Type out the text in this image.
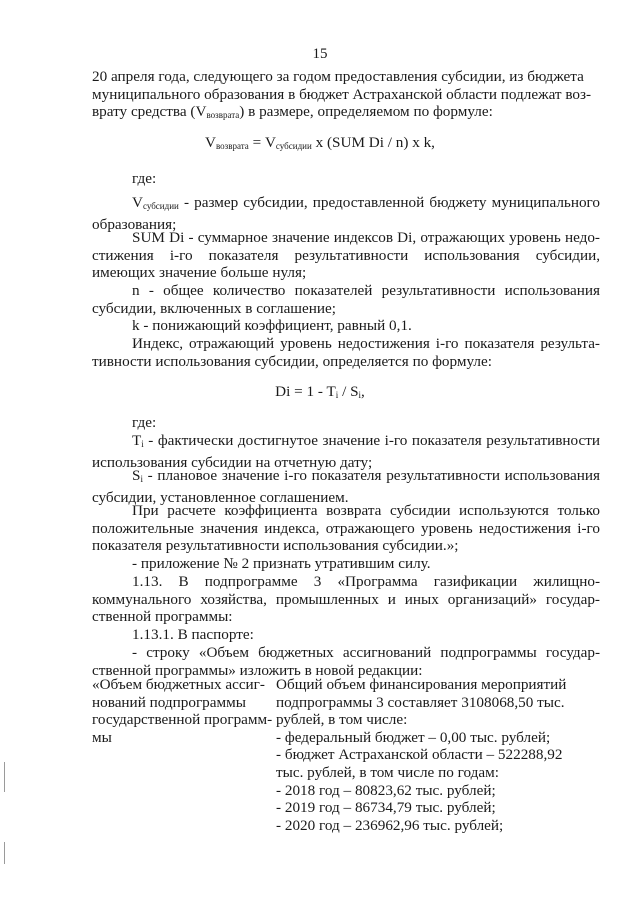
15
20 апреля года, следующего за годом предоставления субсидии, из бюджета
муниципального образования в бюджет Астраханской области подлежат воз-
врату средства $(V_{возврата})$ в размере, определяемом по формуле:
$V_{возврата} = V_{субсидии}$ x (SUM Di / n) x k,
где:
$V_{субсидии}$ - размер субсидии, предоставленной бюджету муниципального образования;
SUM Di - суммарное значение индексов Di, отражающих уровень недо-стижения i-го показателя результативности использования субсидии, имеющих значение больше нуля;
n - общее количество показателей результативности использования субсидии, включенных в соглашение;
k - понижающий коэффициент, равный 0,1.
Индекс, отражающий уровень недостижения i-го показателя результа-тивности использования субсидии, определяется по формуле:
$Di = 1 - T_i / S_i$,
где:
$T_i$ - фактически достигнутое значение i-го показателя результативности использования субсидии на отчетную дату;
$S_i$ - плановое значение i-го показателя результативности использования субсидии, установленное соглашением.
При расчете коэффициента возврата субсидии используются только положительные значения индекса, отражающего уровень недостижения i-го показателя результативности использования субсидии.»;
- приложение № 2 признать утратившим силу.
1.13. В подпрограмме 3 «Программа газификации жилищно-коммунального хозяйства, промышленных и иных организаций» государ-ственной программы:
1.13.1. В паспорте:
- строку «Объем бюджетных ассигнований подпрограммы государ-ственной программы» изложить в новой редакции:
«Объем бюджетных ассиг-
нований подпрограммы
государственной программ-
мы
Общий объем финансирования мероприятий
подпрограммы 3 составляет 3108068,50 тыс.
рублей, в том числе:
- федеральный бюджет – 0,00 тыс. рублей;
- бюджет Астраханской области – 522288,92
тыс. рублей, в том числе по годам:
- 2018 год – 80823,62 тыс. рублей;
- 2019 год – 86734,79 тыс. рублей;
- 2020 год – 236962,96 тыс. рублей;
